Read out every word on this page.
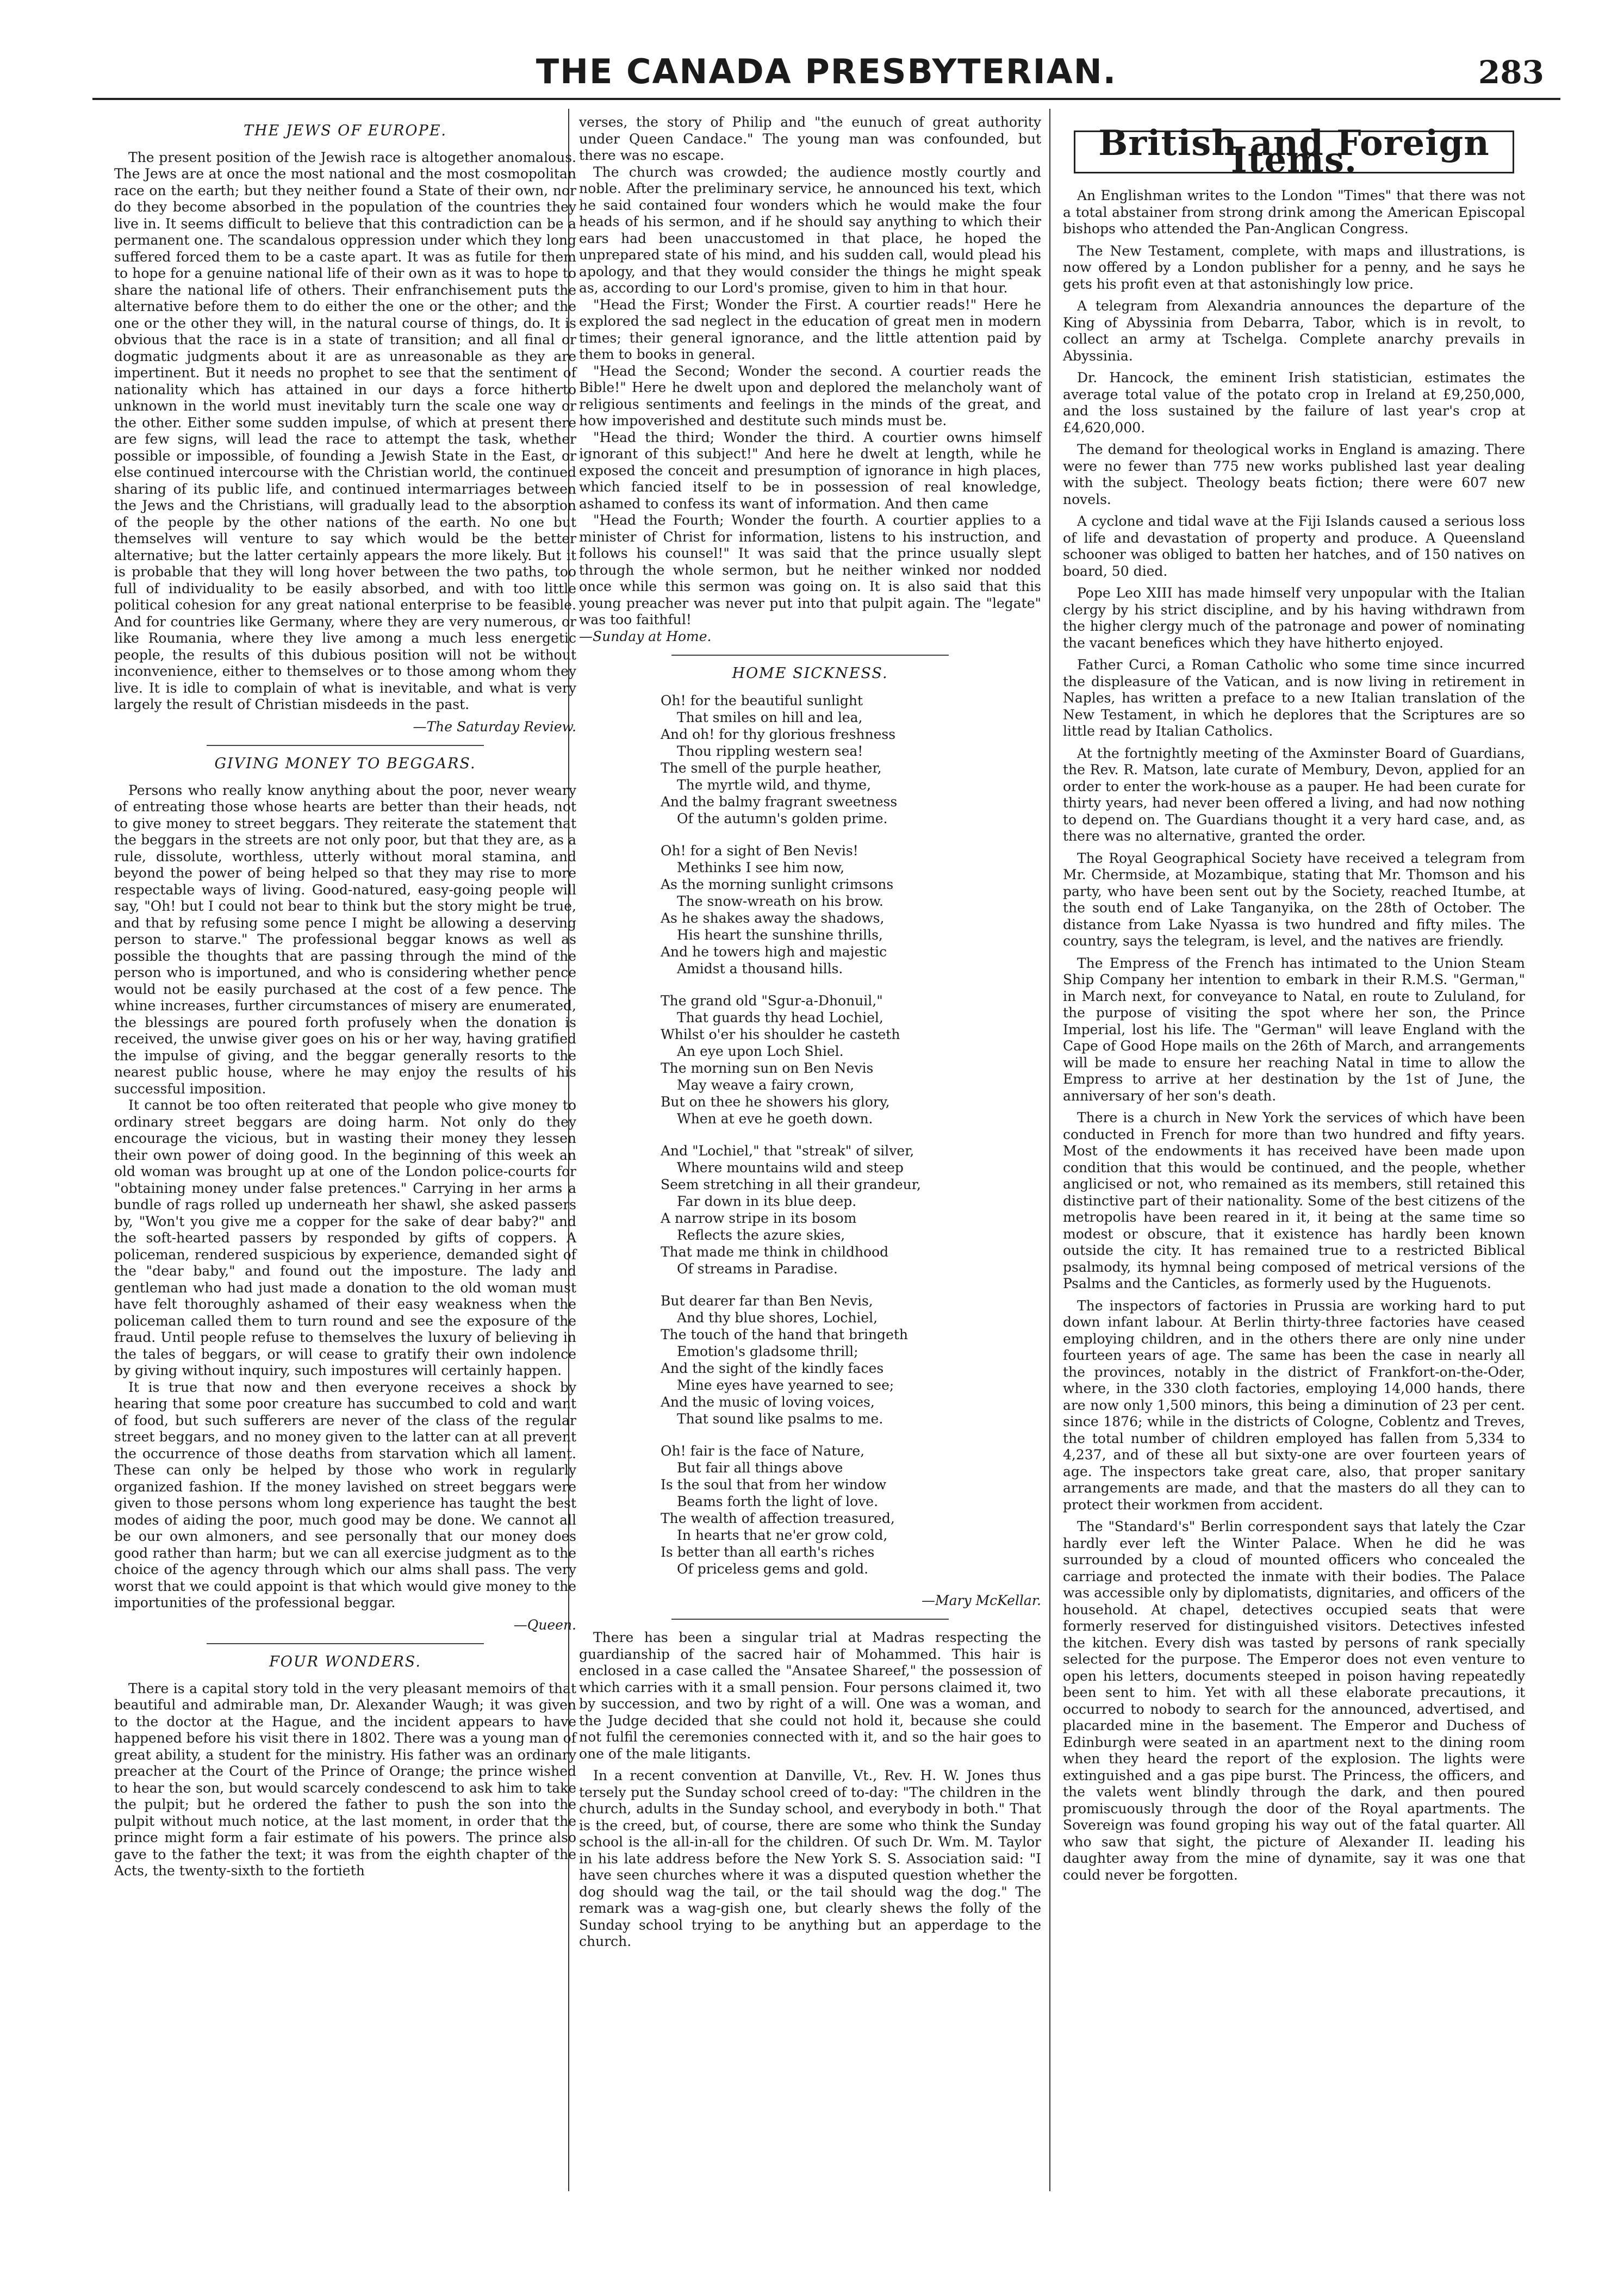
THE CANADA PRESBYTERIAN.	283
THE JEWS OF EUROPE.

The present position of the Jewish race is altogether anomalous. The Jews are at once the most national and the most cosmopolitan race on the earth; but they neither found a State of their own, nor do they become absorbed in the population of the countries they live in. It seems difficult to believe that this contradiction can be a permanent one. The scandalous oppression under which they long suffered forced them to be a caste apart. It was as futile for them to hope for a genuine national life of their own as it was to hope to share the national life of others. Their enfranchisement puts the alternative before them to do either the one or the other; and the one or the other they will, in the natural course of things, do. It is obvious that the race is in a state of transition; and all final or dogmatic judgments about it are as unreasonable as they are impertinent. But it needs no prophet to see that the sentiment of nationality which has attained in our days a force hitherto unknown in the world must inevitably turn the scale one way or the other. Either some sudden impulse, of which at present there are few signs, will lead the race to attempt the task, whether possible or impossible, of founding a Jewish State in the East, or else continued intercourse with the Christian world, the continued sharing of its public life, and continued intermarriages between the Jews and the Christians, will gradually lead to the absorption of the people by the other nations of the earth. No one but themselves will venture to say which would be the better alternative; but the latter certainly appears the more likely. But it is probable that they will long hover between the two paths, too full of individuality to be easily absorbed, and with too little political cohesion for any great national enterprise to be feasible. And for countries like Germany, where they are very numerous, or like Roumania, where they live among a much less energetic people, the results of this dubious position will not be without inconvenience, either to themselves or to those among whom they live. It is idle to complain of what is inevitable, and what is very largely the result of Christian misdeeds in the past.

—The Saturday Review.
GIVING MONEY TO BEGGARS.

Persons who really know anything about the poor, never weary of entreating those whose hearts are better than their heads, not to give money to street beggars. They reiterate the statement that the beggars in the streets are not only poor, but that they are, as a rule, dissolute, worthless, utterly without moral stamina, and beyond the power of being helped so that they may rise to more respectable ways of living. Good-natured, easy-going people will say, "Oh! but I could not bear to think but the story might be true, and that by refusing some pence I might be allowing a deserving person to starve." The professional beggar knows as well as possible the thoughts that are passing through the mind of the person who is importuned, and who is considering whether pence would not be easily purchased at the cost of a few pence. The whine increases, further circumstances of misery are enumerated, the blessings are poured forth profusely when the donation is received, the unwise giver goes on his or her way, having gratified the impulse of giving, and the beggar generally resorts to the nearest public house, where he may enjoy the results of his successful imposition.

It cannot be too often reiterated that people who give money to ordinary street beggars are doing harm. Not only do they encourage the vicious, but in wasting their money they lessen their own power of doing good. In the beginning of this week an old woman was brought up at one of the London police-courts for "obtaining money under false pretences." Carrying in her arms a bundle of rags rolled up underneath her shawl, she asked passers by, "Won't you give me a copper for the sake of dear baby?" and the soft-hearted passers by responded by gifts of coppers. A policeman, rendered suspicious by experience, demanded sight of the "dear baby," and found out the imposture. The lady and gentleman who had just made a donation to the old woman must have felt thoroughly ashamed of their easy weakness when the policeman called them to turn round and see the exposure of the fraud. Until people refuse to themselves the luxury of believing in the tales of beggars, or will cease to gratify their own indolence by giving without inquiry, such impostures will certainly happen.

It is true that now and then everyone receives a shock by hearing that some poor creature has succumbed to cold and want of food, but such sufferers are never of the class of the regular street beggars, and no money given to the latter can at all prevent the occurrence of those deaths from starvation which all lament. These can only be helped by those who work in regularly organized fashion. If the money lavished on street beggars were given to those persons whom long experience has taught the best modes of aiding the poor, much good may be done. We cannot all be our own almoners, and see personally that our money does good rather than harm; but we can all exercise judgment as to the choice of the agency through which our alms shall pass. The very worst that we could appoint is that which would give money to the importunities of the professional beggar.

—Queen.
FOUR WONDERS.

There is a capital story told in the very pleasant memoirs of that beautiful and admirable man, Dr. Alexander Waugh; it was given to the doctor at the Hague, and the incident appears to have happened before his visit there in 1802. There was a young man of great ability, a student for the ministry. His father was an ordinary preacher at the Court of the Prince of Orange; the prince wished to hear the son, but would scarcely condescend to ask him to take the pulpit; but he ordered the father to push the son into the pulpit without much notice, at the last moment, in order that the prince might form a fair estimate of his powers. The prince also gave to the father the text; it was from the eighth chapter of the Acts, the twenty-sixth to the fortieth

verses, the story of Philip and "the eunuch of great authority under Queen Candace." The young man was confounded, but there was no escape.

The church was crowded; the audience mostly courtly and noble. After the preliminary service, he announced his text, which he said contained four wonders which he would make the four heads of his sermon, and if he should say anything to which their ears had been unaccustomed in that place, he hoped the unprepared state of his mind, and his sudden call, would plead his apology, and that they would consider the things he might speak as, according to our Lord's promise, given to him in that hour.

"Head the First; Wonder the First. A courtier reads!" Here he explored the sad neglect in the education of great men in modern times; their general ignorance, and the little attention paid by them to books in general.

"Head the Second; Wonder the second. A courtier reads the Bible!" Here he dwelt upon and deplored the melancholy want of religious sentiments and feelings in the minds of the great, and how impoverished and destitute such minds must be.

"Head the third; Wonder the third. A courtier owns himself ignorant of this subject!" And here he dwelt at length, while he exposed the conceit and presumption of ignorance in high places, which fancied itself to be in possession of real knowledge, ashamed to confess its want of information. And then came

"Head the Fourth; Wonder the fourth. A courtier applies to a minister of Christ for information, listens to his instruction, and follows his counsel!" It was said that the prince usually slept through the whole sermon, but he neither winked nor nodded once while this sermon was going on. It is also said that this young preacher was never put into that pulpit again. The "legate" was too faithful!

—Sunday at Home.
HOME SICKNESS.
Oh! for the beautiful sunlight
That smiles on hill and lea,
And oh! for thy glorious freshness
Thou rippling western sea!
The smell of the purple heather,
The myrtle wild, and thyme,
And the balmy fragrant sweetness
Of the autumn's golden prime.
Oh! for a sight of Ben Nevis!
Methinks I see him now,
As the morning sunlight crimsons
The snow-wreath on his brow.
As he shakes away the shadows,
His heart the sunshine thrills,
And he towers high and majestic
Amidst a thousand hills.
The grand old "Sgur-a-Dhonuil,"
That guards thy head Lochiel,
Whilst o'er his shoulder he casteth
An eye upon Loch Shiel.
The morning sun on Ben Nevis
May weave a fairy crown,
But on thee he showers his glory,
When at eve he goeth down.
And "Lochiel," that "streak" of silver,
Where mountains wild and steep
Seem stretching in all their grandeur,
Far down in its blue deep.
A narrow stripe in its bosom
Reflects the azure skies,
That made me think in childhood
Of streams in Paradise.
But dearer far than Ben Nevis,
And thy blue shores, Lochiel,
The touch of the hand that bringeth
Emotion's gladsome thrill;
And the sight of the kindly faces
Mine eyes have yearned to see;
And the music of loving voices,
That sound like psalms to me.
Oh! fair is the face of Nature,
But fair all things above
Is the soul that from her window
Beams forth the light of love.
The wealth of affection treasured,
In hearts that ne'er grow cold,
Is better than all earth's riches
Of priceless gems and gold.
—Mary McKellar.

There has been a singular trial at Madras respecting the guardianship of the sacred hair of Mohammed. This hair is enclosed in a case called the "Ansatee Shareef," the possession of which carries with it a small pension. Four persons claimed it, two by succession, and two by right of a will. One was a woman, and the Judge decided that she could not hold it, because she could not fulfil the ceremonies connected with it, and so the hair goes to one of the male litigants.

In a recent convention at Danville, Vt., Rev. H. W. Jones thus tersely put the Sunday school creed of to-day: "The children in the church, adults in the Sunday school, and everybody in both." That is the creed, but, of course, there are some who think the Sunday school is the all-in-all for the children. Of such Dr. Wm. M. Taylor in his late address before the New York S. S. Association said: "I have seen churches where it was a disputed question whether the dog should wag the tail, or the tail should wag the dog." The remark was a wag-gish one, but clearly shews the folly of the Sunday school trying to be anything but an apperdage to the church.

British and Foreign Items.

An Englishman writes to the London "Times" that there was not a total abstainer from strong drink among the American Episcopal bishops who attended the Pan-Anglican Congress.

The New Testament, complete, with maps and illustrations, is now offered by a London publisher for a penny, and he says he gets his profit even at that astonishingly low price.

A telegram from Alexandria announces the departure of the King of Abyssinia from Debarra, Tabor, which is in revolt, to collect an army at Tschelga. Complete anarchy prevails in Abyssinia.

Dr. Hancock, the eminent Irish statistician, estimates the average total value of the potato crop in Ireland at £9,250,000, and the loss sustained by the failure of last year's crop at £4,620,000.

The demand for theological works in England is amazing. There were no fewer than 775 new works published last year dealing with the subject. Theology beats fiction; there were 607 new novels.

A cyclone and tidal wave at the Fiji Islands caused a serious loss of life and devastation of property and produce. A Queensland schooner was obliged to batten her hatches, and of 150 natives on board, 50 died.

Pope Leo XIII has made himself very unpopular with the Italian clergy by his strict discipline, and by his having withdrawn from the higher clergy much of the patronage and power of nominating the vacant benefices which they have hitherto enjoyed.

Father Curci, a Roman Catholic who some time since incurred the displeasure of the Vatican, and is now living in retirement in Naples, has written a preface to a new Italian translation of the New Testament, in which he deplores that the Scriptures are so little read by Italian Catholics.

At the fortnightly meeting of the Axminster Board of Guardians, the Rev. R. Matson, late curate of Membury, Devon, applied for an order to enter the work-house as a pauper. He had been curate for thirty years, had never been offered a living, and had now nothing to depend on. The Guardians thought it a very hard case, and, as there was no alternative, granted the order.

The Royal Geographical Society have received a telegram from Mr. Chermside, at Mozambique, stating that Mr. Thomson and his party, who have been sent out by the Society, reached Itumbe, at the south end of Lake Tanganyika, on the 28th of October. The distance from Lake Nyassa is two hundred and fifty miles. The country, says the telegram, is level, and the natives are friendly.

The Empress of the French has intimated to the Union Steam Ship Company her intention to embark in their R.M.S. "German," in March next, for conveyance to Natal, en route to Zululand, for the purpose of visiting the spot where her son, the Prince Imperial, lost his life. The "German" will leave England with the Cape of Good Hope mails on the 26th of March, and arrangements will be made to ensure her reaching Natal in time to allow the Empress to arrive at her destination by the 1st of June, the anniversary of her son's death.

There is a church in New York the services of which have been conducted in French for more than two hundred and fifty years. Most of the endowments it has received have been made upon condition that this would be continued, and the people, whether anglicised or not, who remained as its members, still retained this distinctive part of their nationality. Some of the best citizens of the metropolis have been reared in it, it being at the same time so modest or obscure, that it existence has hardly been known outside the city. It has remained true to a restricted Biblical psalmody, its hymnal being composed of metrical versions of the Psalms and the Canticles, as formerly used by the Huguenots.

The inspectors of factories in Prussia are working hard to put down infant labour. At Berlin thirty-three factories have ceased employing children, and in the others there are only nine under fourteen years of age. The same has been the case in nearly all the provinces, notably in the district of Frankfort-on-the-Oder, where, in the 330 cloth factories, employing 14,000 hands, there are now only 1,500 minors, this being a diminution of 23 per cent. since 1876; while in the districts of Cologne, Coblentz and Treves, the total number of children employed has fallen from 5,334 to 4,237, and of these all but sixty-one are over fourteen years of age. The inspectors take great care, also, that proper sanitary arrangements are made, and that the masters do all they can to protect their workmen from accident.

The "Standard's" Berlin correspondent says that lately the Czar hardly ever left the Winter Palace. When he did he was surrounded by a cloud of mounted officers who concealed the carriage and protected the inmate with their bodies. The Palace was accessible only by diplomatists, dignitaries, and officers of the household. At chapel, detectives occupied seats that were formerly reserved for distinguished visitors. Detectives infested the kitchen. Every dish was tasted by persons of rank specially selected for the purpose. The Emperor does not even venture to open his letters, documents steeped in poison having repeatedly been sent to him. Yet with all these elaborate precautions, it occurred to nobody to search for the announced, advertised, and placarded mine in the basement. The Emperor and Duchess of Edinburgh were seated in an apartment next to the dining room when they heard the report of the explosion. The lights were extinguished and a gas pipe burst. The Princess, the officers, and the valets went blindly through the dark, and then poured promiscuously through the door of the Royal apartments. The Sovereign was found groping his way out of the fatal quarter. All who saw that sight, the picture of Alexander II. leading his daughter away from the mine of dynamite, say it was one that could never be forgotten.
